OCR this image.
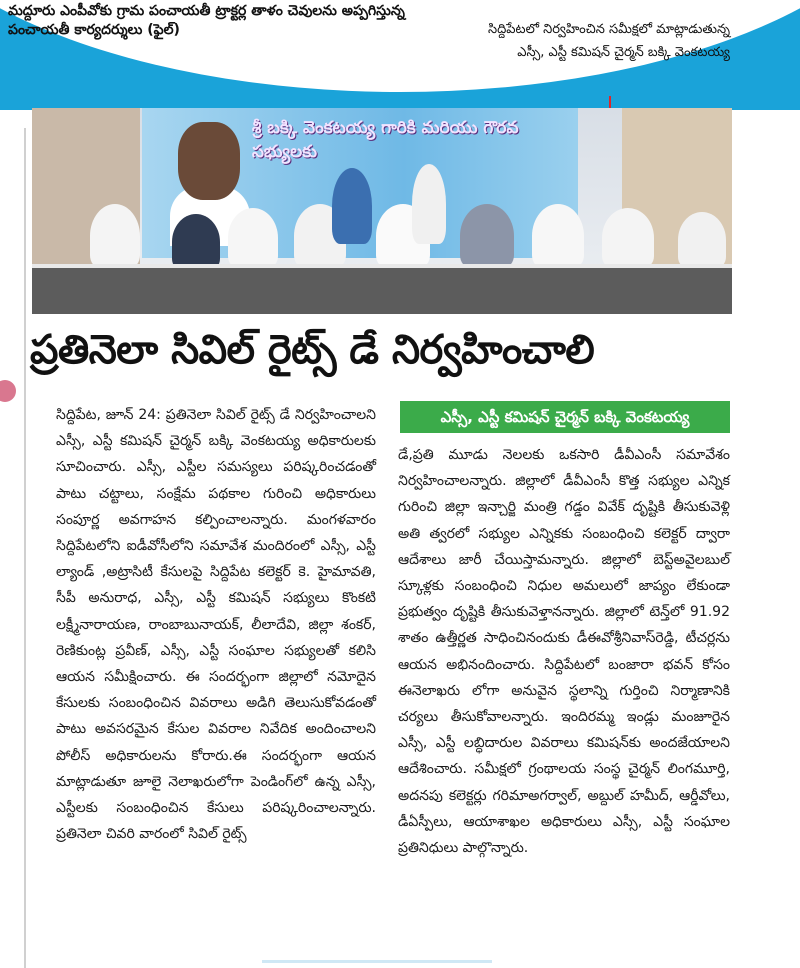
మద్దూరు ఎంపీవోకు గ్రామ పంచాయతీ ట్రాక్టర్ల తాళం చెవులను అప్పగిస్తున్న పంచాయతీ కార్యదర్శులు (ఫైల్)	సిద్దిపేటలో నిర్వహించిన సమీక్షలో మాట్లాడుతున్న ఎస్సీ, ఎస్టీ కమిషన్ చైర్మన్ బక్కి వెంకటయ్య
శ్రీ బక్కి వెంకటయ్య గారికి మరియు గౌరవ సభ్యులకు
ప్రతినెలా సివిల్ రైట్స్ డే నిర్వహించాలి
ఎస్సీ, ఎస్టీ కమిషన్ చైర్మన్ బక్కి వెంకటయ్య

సిద్దిపేట, జూన్ 24: ప్రతినెలా సివిల్ రైట్స్ డే నిర్వహించాలని ఎస్సీ, ఎస్టీ కమిషన్ చైర్మన్ బక్కి వెంకటయ్య అధికారులకు సూచించారు. ఎస్సీ, ఎస్టీల సమస్యలు పరిష్కరించడంతో పాటు చట్టాలు, సంక్షేమ పథకాల గురించి అధికారులు సంపూర్ణ అవగాహన కల్పించాలన్నారు. మంగళవారం సిద్దిపేటలోని ఐడీవోసీలోని సమావేశ మందిరంలో ఎస్సీ, ఎస్టీ ల్యాండ్ ,అట్రాసిటీ కేసులపై సిద్దిపేట కలెక్టర్ కె. హైమావతి, సీపీ అనురాధ, ఎస్సీ, ఎస్టీ కమిషన్ సభ్యులు కొంకటి లక్ష్మీనారాయణ, రాంబాబునాయక్, లీలాదేవి, జిల్లా శంకర్, రెణికుంట్ల ప్రవీణ్, ఎస్సీ, ఎస్టీ సంఘాల సభ్యులతో కలిసి ఆయన సమీక్షించారు. ఈ సందర్భంగా జిల్లాలో నమోదైన కేసులకు సంబంధించిన వివరాలు అడిగి తెలుసుకోవడంతో పాటు అవసరమైన కేసుల వివరాల నివేదిక అందించాలని పోలీస్ అధికారులను కోరారు.ఈ సందర్భంగా ఆయన మాట్లాడుతూ జూలై నెలాఖరులోగా పెండింగ్‌లో ఉన్న ఎస్సీ, ఎస్టీలకు సంబంధించిన కేసులు పరిష్కరించాలన్నారు. ప్రతినెలా చివరి వారంలో సివిల్ రైట్స్

డే,ప్రతి మూడు నెలలకు ఒకసారి డీవీఎంసీ సమావేశం నిర్వహించాలన్నారు. జిల్లాలో డీవీఎంసీ కొత్త సభ్యుల ఎన్నిక గురించి జిల్లా ఇన్చార్జి మంత్రి గడ్డం వివేక్ దృష్టికి తీసుకువెళ్లి అతి త్వరలో సభ్యుల ఎన్నికకు సంబంధించి కలెక్టర్ ద్వారా ఆదేశాలు జారీ చేయిస్తామన్నారు. జిల్లాలో బెస్ట్అవైలబుల్ స్కూళ్లకు సంబంధించి నిధుల అమలులో జాప్యం లేకుండా ప్రభుత్వం దృష్టికి తీసుకువెళ్తానన్నారు. జిల్లాలో టెన్త్‌లో 91.92 శాతం ఉత్తీర్ణత సాధించినందుకు డీఈవోశ్రీనివాస్‌రెడ్డి, టీచర్లను ఆయన అభినందించారు. సిద్దిపేటలో బంజారా భవన్ కోసం ఈనెలాఖరు లోగా అనువైన స్థలాన్ని గుర్తించి నిర్మాణానికి చర్యలు తీసుకోవాలన్నారు. ఇందిరమ్మ ఇండ్లు మంజూరైన ఎస్సీ, ఎస్టీ లబ్ధిదారుల వివరాలు కమిషన్‌కు అందజేయాలని ఆదేశించారు. సమీక్షలో గ్రంథాలయ సంస్థ చైర్మన్ లింగమూర్తి, అదనపు కలెక్టర్లు గరిమాఅగర్వాల్, అబ్దుల్ హమీద్, ఆర్డీవోలు, డీఏస్పీలు, ఆయాశాఖల అధికారులు ఎస్సీ, ఎస్టీ సంఘాల ప్రతినిధులు పాల్గొన్నారు.
